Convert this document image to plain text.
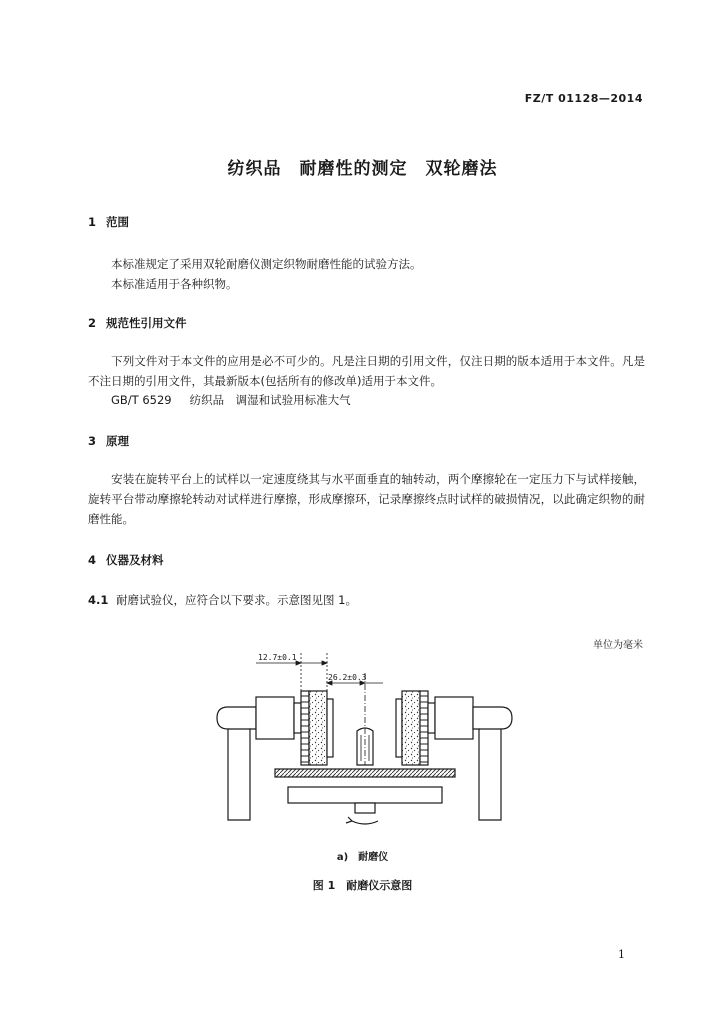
FZ/T 01128—2014
纺织品　耐磨性的测定　双轮磨法
1 范围
本标准规定了采用双轮耐磨仪测定织物耐磨性能的试验方法。
本标准适用于各种织物。
2 规范性引用文件
下列文件对于本文件的应用是必不可少的。凡是注日期的引用文件，仅注日期的版本适用于本文件。凡是不注日期的引用文件，其最新版本(包括所有的修改单)适用于本文件。
GB/T 6529 纺织品　调湿和试验用标准大气
3 原理
安装在旋转平台上的试样以一定速度绕其与水平面垂直的轴转动，两个摩擦轮在一定压力下与试样接触，旋转平台带动摩擦轮转动对试样进行摩擦，形成摩擦环，记录摩擦终点时试样的破损情况，以此确定织物的耐磨性能。
4 仪器及材料
4.1 耐磨试验仪，应符合以下要求。示意图见图 1。
单位为毫米
12.7±0.1
26.2±0.3
a)　耐磨仪
图 1　耐磨仪示意图
1
